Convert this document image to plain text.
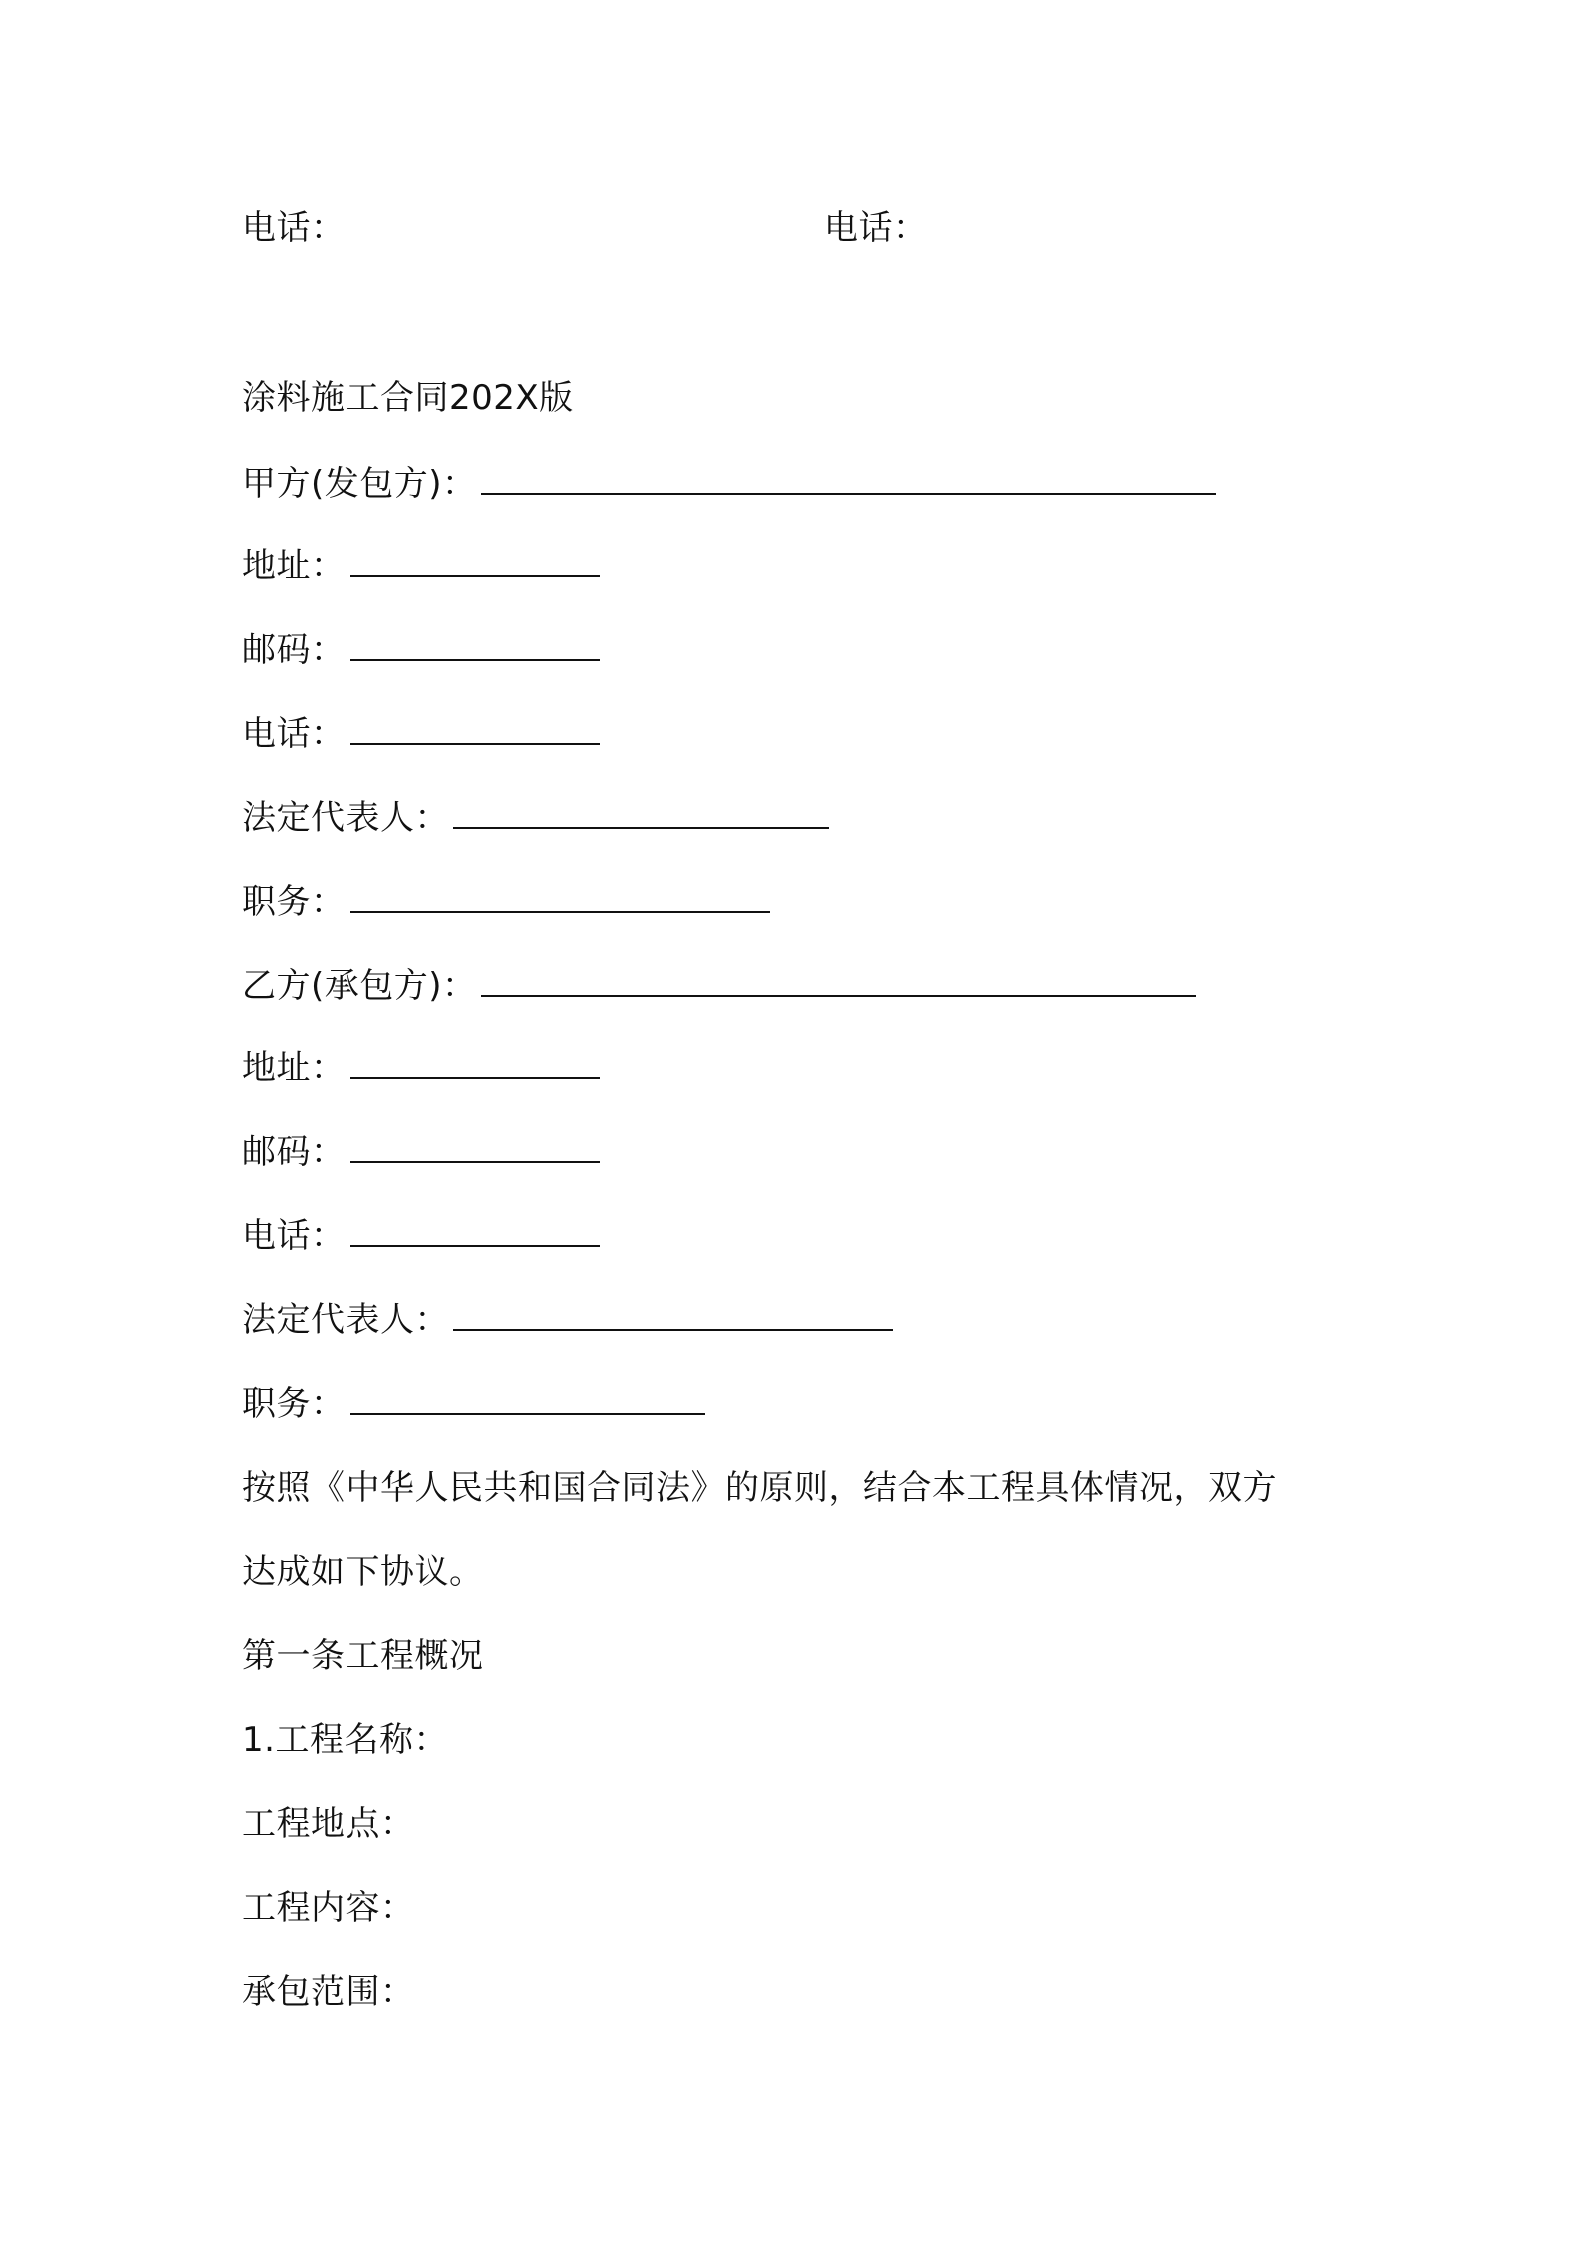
电话：	电话：
涂料施工合同202X版
甲方(发包方)：
地址：
邮码：
电话：
法定代表人：
职务：
乙方(承包方)：
地址：
邮码：
电话：
法定代表人：
职务：
按照《中华人民共和国合同法》的原则，结合本工程具体情况，双方
达成如下协议。
第一条工程概况
1.工程名称：
工程地点：
工程内容：
承包范围：
